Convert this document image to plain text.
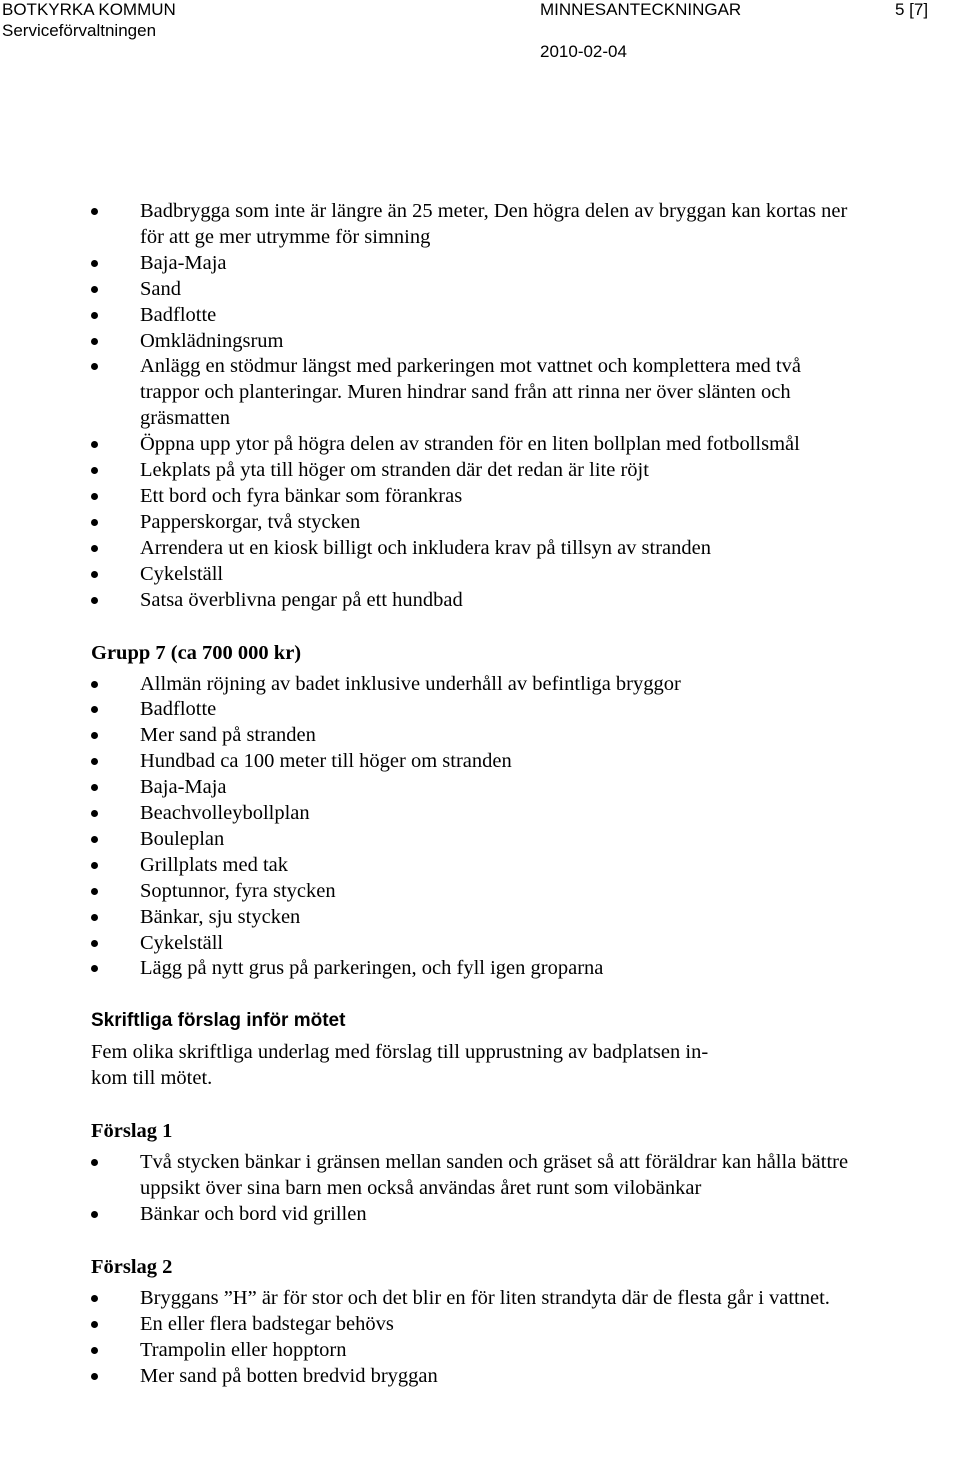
BOTKYRKA KOMMUN
Serviceförvaltningen
MINNESANTECKNINGAR
2010-02-04
5 [7]
Badbrygga som inte är längre än 25 meter, Den högra delen av bryggan kan kortas ner för att ge mer utrymme för simning
Baja-Maja
Sand
Badflotte
Omklädningsrum
Anlägg en stödmur längst med parkeringen mot vattnet och komplettera med två trappor och planteringar. Muren hindrar sand från att rinna ner över slänten och gräsmatten
Öppna upp ytor på högra delen av stranden för en liten bollplan med fotbollsmål
Lekplats på yta till höger om stranden där det redan är lite röjt
Ett bord och fyra bänkar som förankras
Papperskorgar, två stycken
Arrendera ut en kiosk billigt och inkludera krav på tillsyn av stranden
Cykelställ
Satsa överblivna pengar på ett hundbad
Grupp 7 (ca 700 000 kr)
Allmän röjning av badet inklusive underhåll av befintliga bryggor
Badflotte
Mer sand på stranden
Hundbad ca 100 meter till höger om stranden
Baja-Maja
Beachvolleybollplan
Bouleplan
Grillplats med tak
Soptunnor, fyra stycken
Bänkar, sju stycken
Cykelställ
Lägg på nytt grus på parkeringen, och fyll igen groparna
Skriftliga förslag inför mötet

Fem olika skriftliga underlag med förslag till upprustning av badplatsen in-
kom till mötet.

Förslag 1
Två stycken bänkar i gränsen mellan sanden och gräset så att föräldrar kan hålla bättre uppsikt över sina barn men också användas året runt som vilobänkar
Bänkar och bord vid grillen
Förslag 2
Bryggans ”H” är för stor och det blir en för liten strandyta där de flesta går i vattnet.
En eller flera badstegar behövs
Trampolin eller hopptorn
Mer sand på botten bredvid bryggan
